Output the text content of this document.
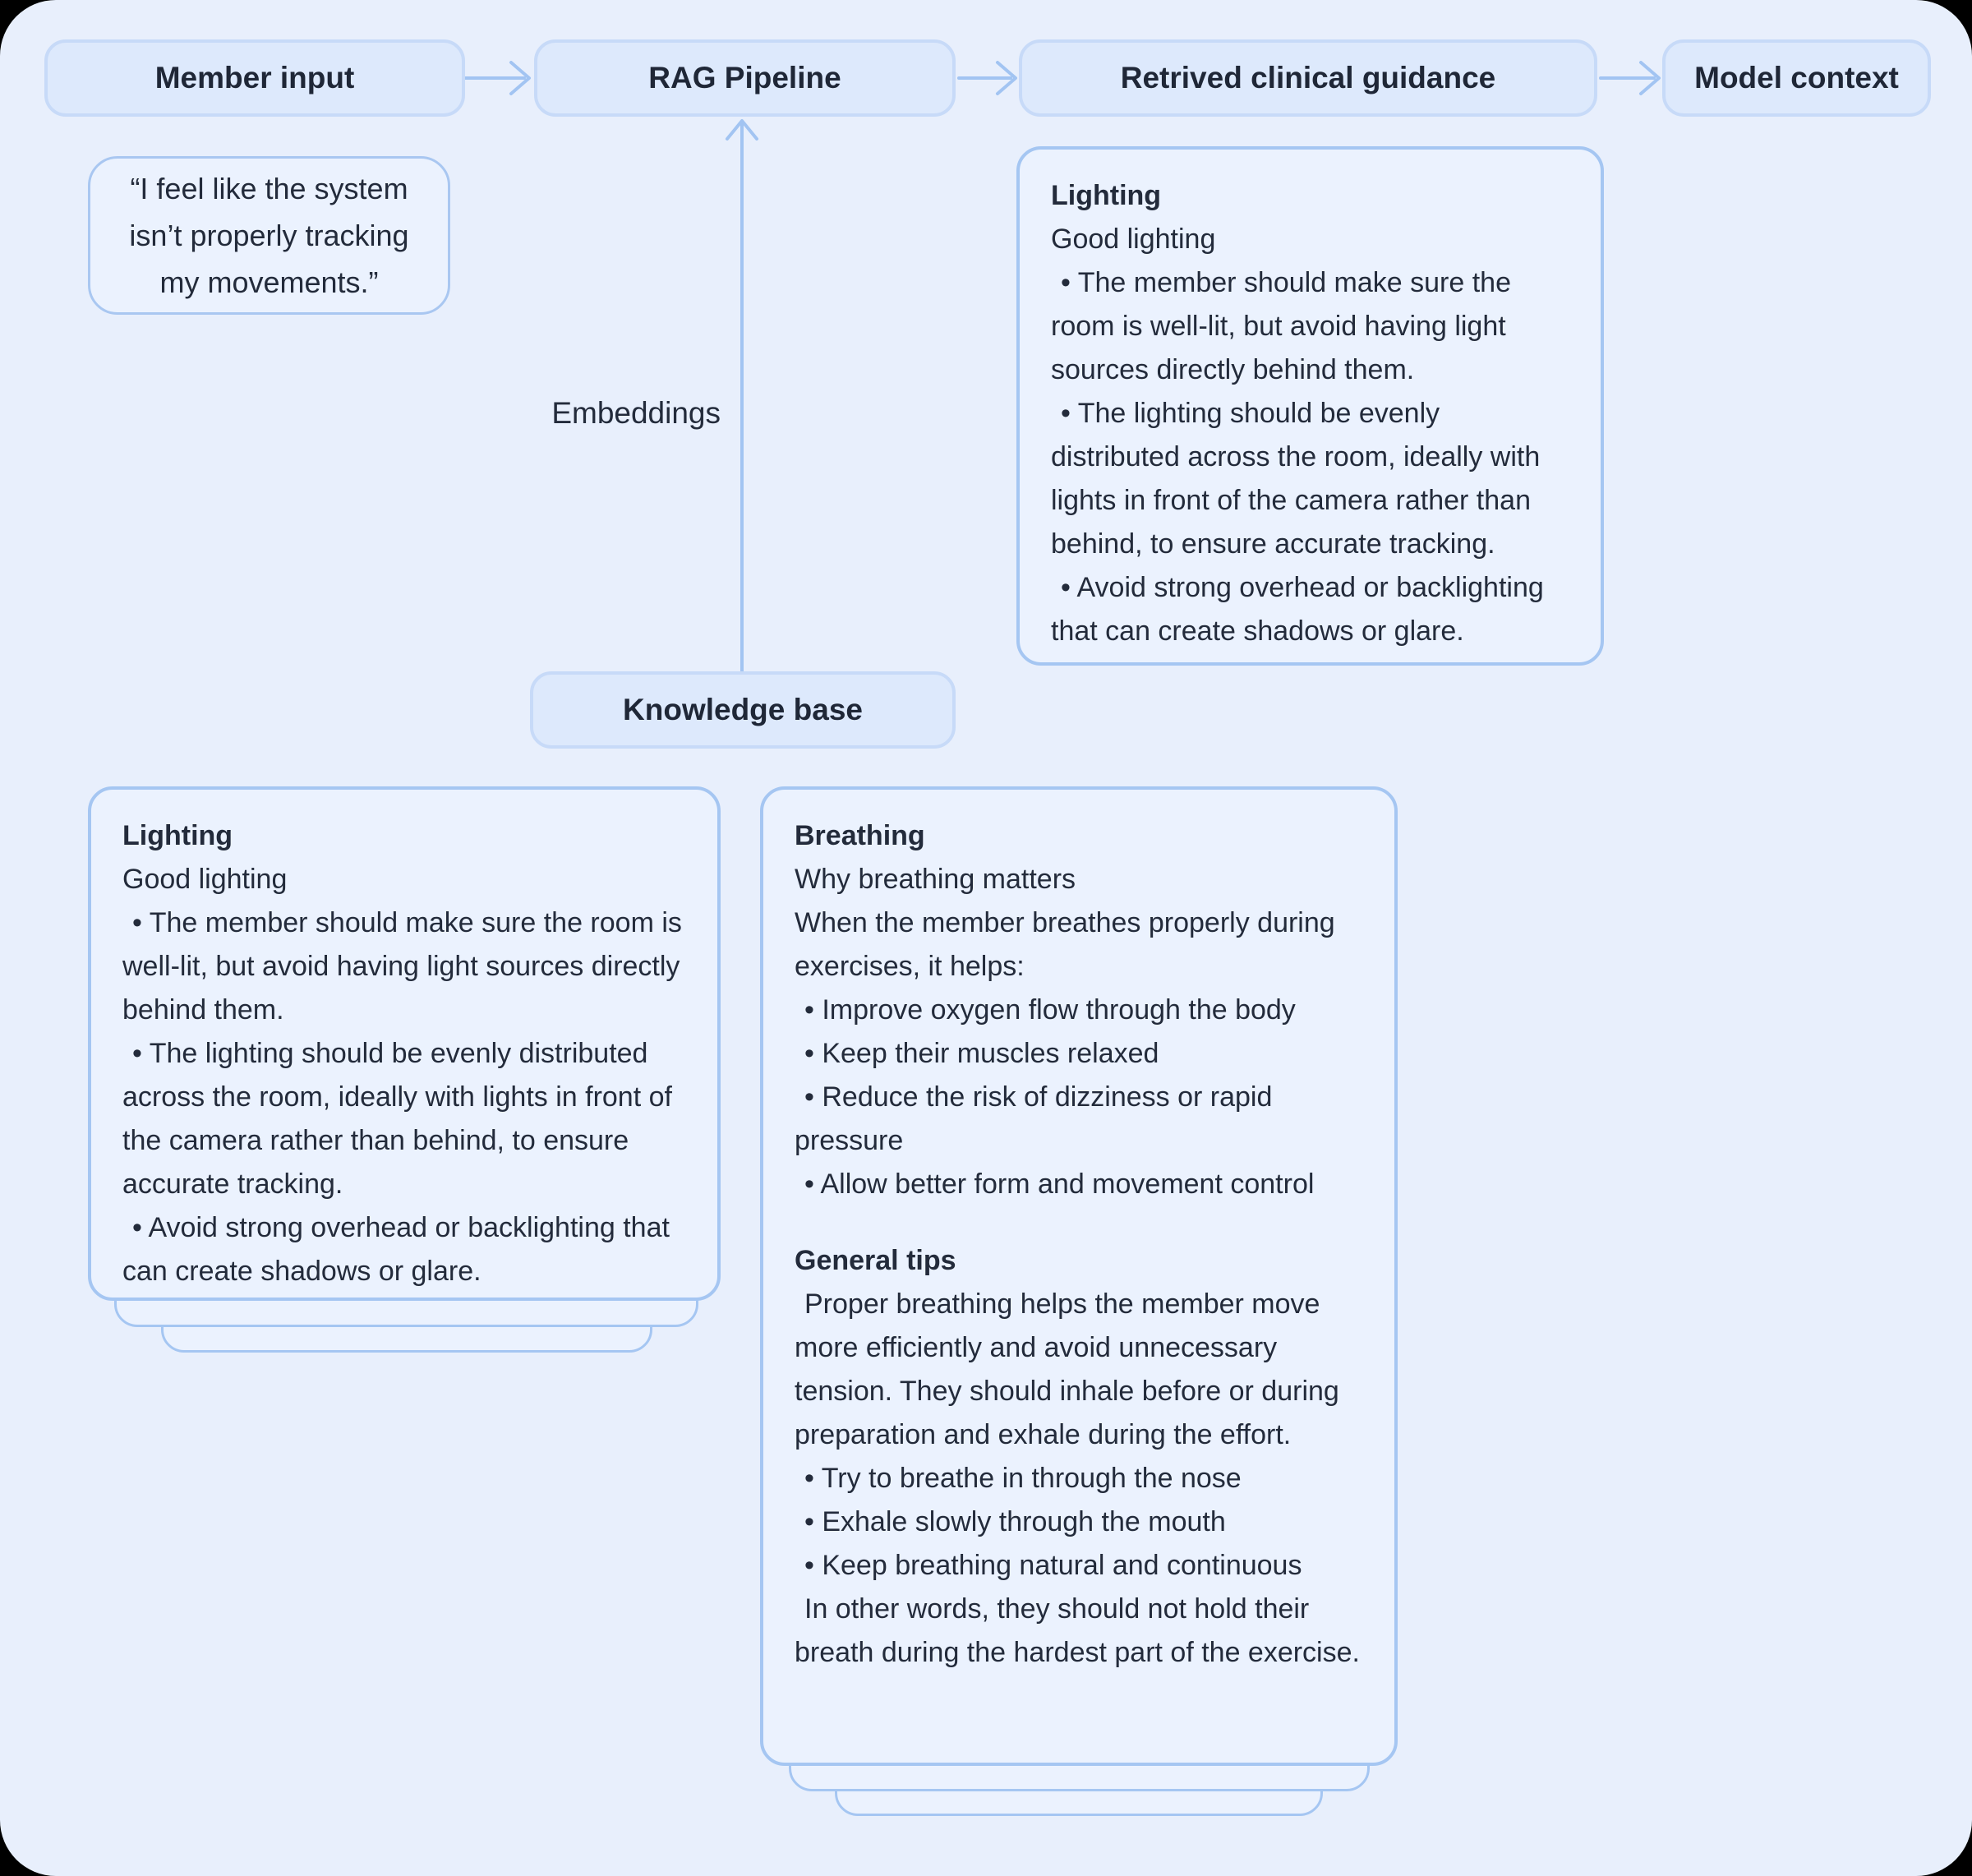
Member input	RAG Pipeline	Retrived clinical guidance	Model context
“I feel like the system isn’t properly tracking my movements.”
Embeddings
Lighting
Good lighting
• The member should make sure the room is well-lit, but avoid having light sources directly behind them.
• The lighting should be evenly distributed across the room, ideally with lights in front of the camera rather than behind, to ensure accurate tracking.
• Avoid strong overhead or backlighting that can create shadows or glare.
Knowledge base
Lighting
Good lighting
• The member should make sure the room is well-lit, but avoid having light sources directly behind them.
• The lighting should be evenly distributed across the room, ideally with lights in front of the camera rather than behind, to ensure accurate tracking.
• Avoid strong overhead or backlighting that can create shadows or glare.
Breathing
Why breathing matters
When the member breathes properly during exercises, it helps:
• Improve oxygen flow through the body
• Keep their muscles relaxed
• Reduce the risk of dizziness or rapid pressure
• Allow better form and movement control
General tips
Proper breathing helps the member move more efficiently and avoid unnecessary tension. They should inhale before or during preparation and exhale during the effort.
• Try to breathe in through the nose
• Exhale slowly through the mouth
• Keep breathing natural and continuous
In other words, they should not hold their breath during the hardest part of the exercise.
